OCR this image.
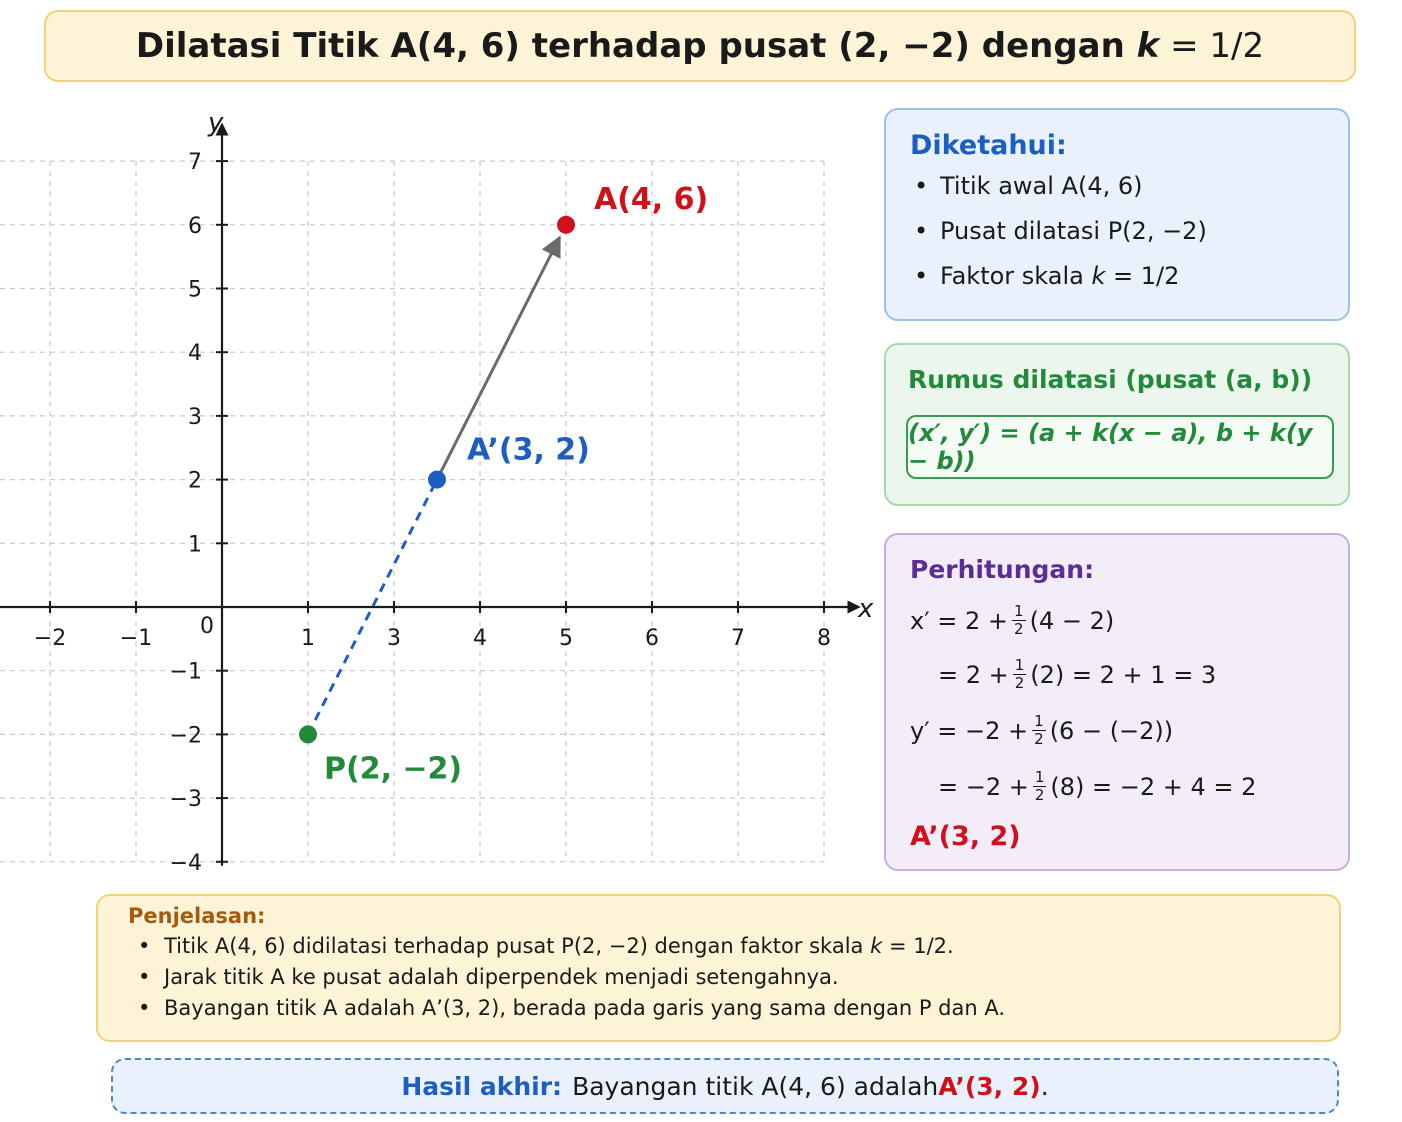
Dilatasi Titik A(4, 6) terhadap pusat (2, −2) dengan k = 1/2
x
y
0
−2 −1	1	3	4	5	6	7	8
7
6
5
4
3
2
1
−1
−2
−3
−4
A(4, 6)
A’(3, 2)
P(2, −2)
Diketahui:
• Titik awal A(4, 6)
• Pusat dilatasi P(2, −2)
• Faktor skala k = 1/2
Rumus dilatasi (pusat (a, b))
(x′, y′) = (a + k(x − a), b + k(y − b))
Perhitungan:
$x' = 2 + \frac{1}{2} (4 - 2)$
= $2 + \frac{1}{2} (2) = 2 + 1 = 3$
$y' = -2 + \frac{1}{2} (6 - (-2))$
= $-2 + \frac{1}{2} (8) = -2 + 4 = 2$
A’(3, 2)
Penjelasan:
• Titik A(4, 6) didilatasi terhadap pusat P(2, −2) dengan faktor skala k = 1/2.
• Jarak titik A ke pusat adalah diperpendek menjadi setengahnya.
• Bayangan titik A adalah A’(3, 2), berada pada garis yang sama dengan P dan A.
Hasil akhir: Bayangan titik A(4, 6) adalah A’(3, 2) .
